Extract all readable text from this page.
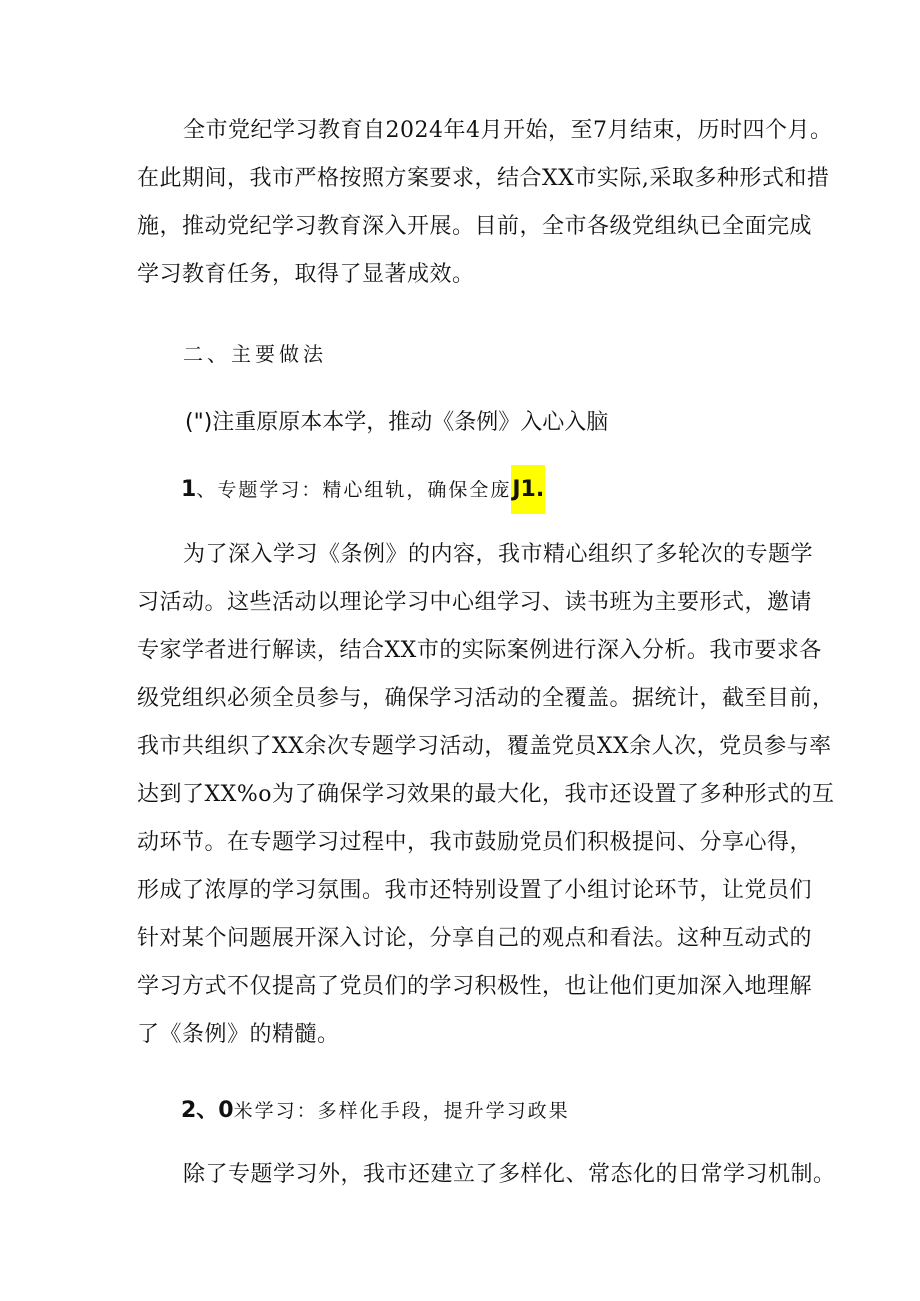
全市党纪学习教育自2024年4月开始，至7月结束，历时四个月。
在此期间，我市严格按照方案要求，结合XX市实际,采取多种形式和措
施，推动党纪学习教育深入开展。目前，全市各级党组纨已全面完成
学习教育任务，取得了显著成效。
二、主要做法
(")注重原原本本学，推动《条例》入心入脑
1、专题学习：精心组轨，确保全庞J1.
为了深入学习《条例》的内容，我市精心组织了多轮次的专题学
习活动。这些活动以理论学习中心组学习、读书班为主要形式，邀请
专家学者进行解读，结合XX市的实际案例进行深入分析。我市要求各
级党组织必须全员参与，确保学习活动的全覆盖。据统计，截至目前，
我市共组织了XX余次专题学习活动，覆盖党员XX余人次，党员参与率
达到了XX%o为了确保学习效果的最大化，我市还设置了多种形式的互
动环节。在专题学习过程中，我市鼓励党员们积极提问、分享心得，
形成了浓厚的学习氛围。我市还特别设置了小组讨论环节，让党员们
针对某个问题展开深入讨论，分享自己的观点和看法。这种互动式的
学习方式不仅提高了党员们的学习积极性，也让他们更加深入地理解
了《条例》的精髓。
2、0米学习：多样化手段，提升学习政果
除了专题学习外，我市还建立了多样化、常态化的日常学习机制。
